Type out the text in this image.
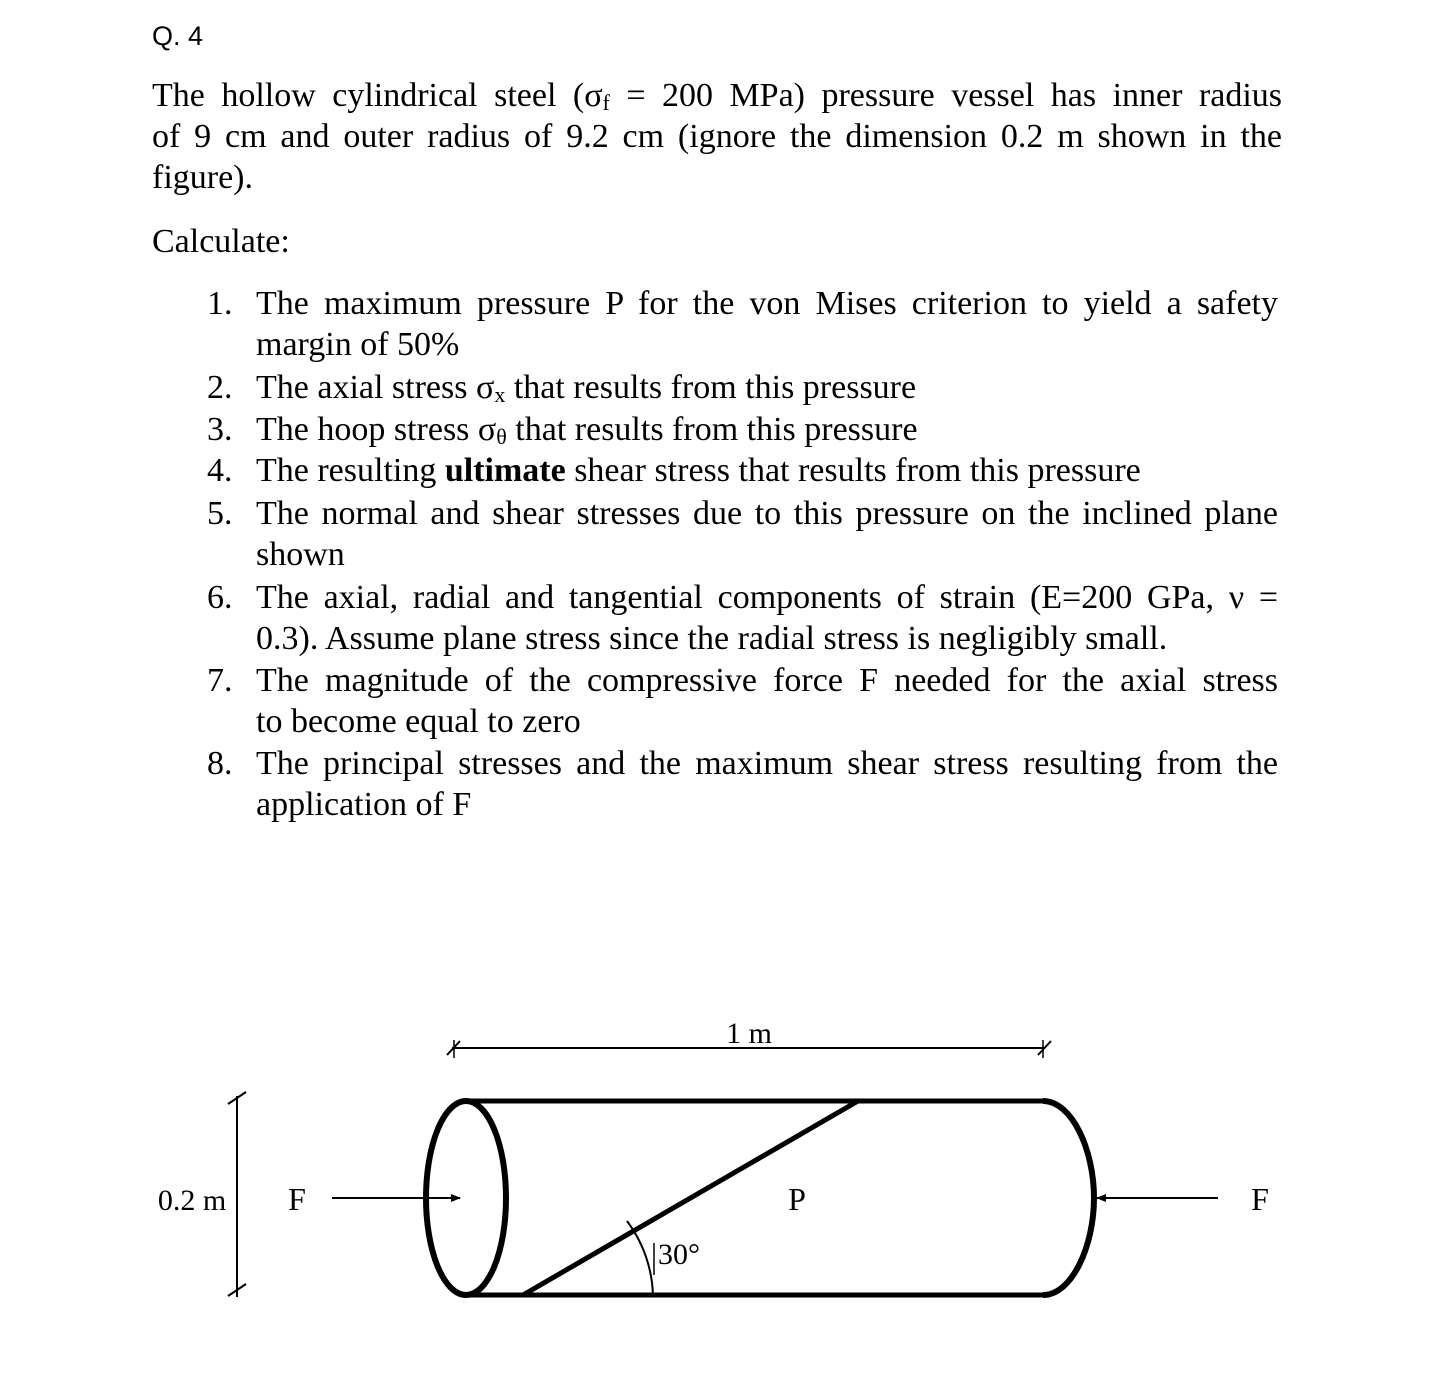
Q. 4
The hollow cylindrical steel ($\sigma_f = 200$ MPa) pressure vessel has inner radius
of 9 cm and outer radius of 9.2 cm (ignore the dimension 0.2 m shown in the
figure).
Calculate:
1. The maximum pressure P for the von Mises criterion to yield a safety
margin of 50%
2. The axial stress $\sigma_x$ that results from this pressure
3. The hoop stress $\sigma_\theta$ that results from this pressure
4. The resulting ultimate shear stress that results from this pressure
5. The normal and shear stresses due to this pressure on the inclined plane
shown
6. The axial, radial and tangential components of strain (E=200 GPa, ν =
0.3). Assume plane stress since the radial stress is negligibly small.
7. The magnitude of the compressive force F needed for the axial stress
to become equal to zero
8. The principal stresses and the maximum shear stress resulting from the
application of F
1 m
0.2 m
30°
P
F	F
